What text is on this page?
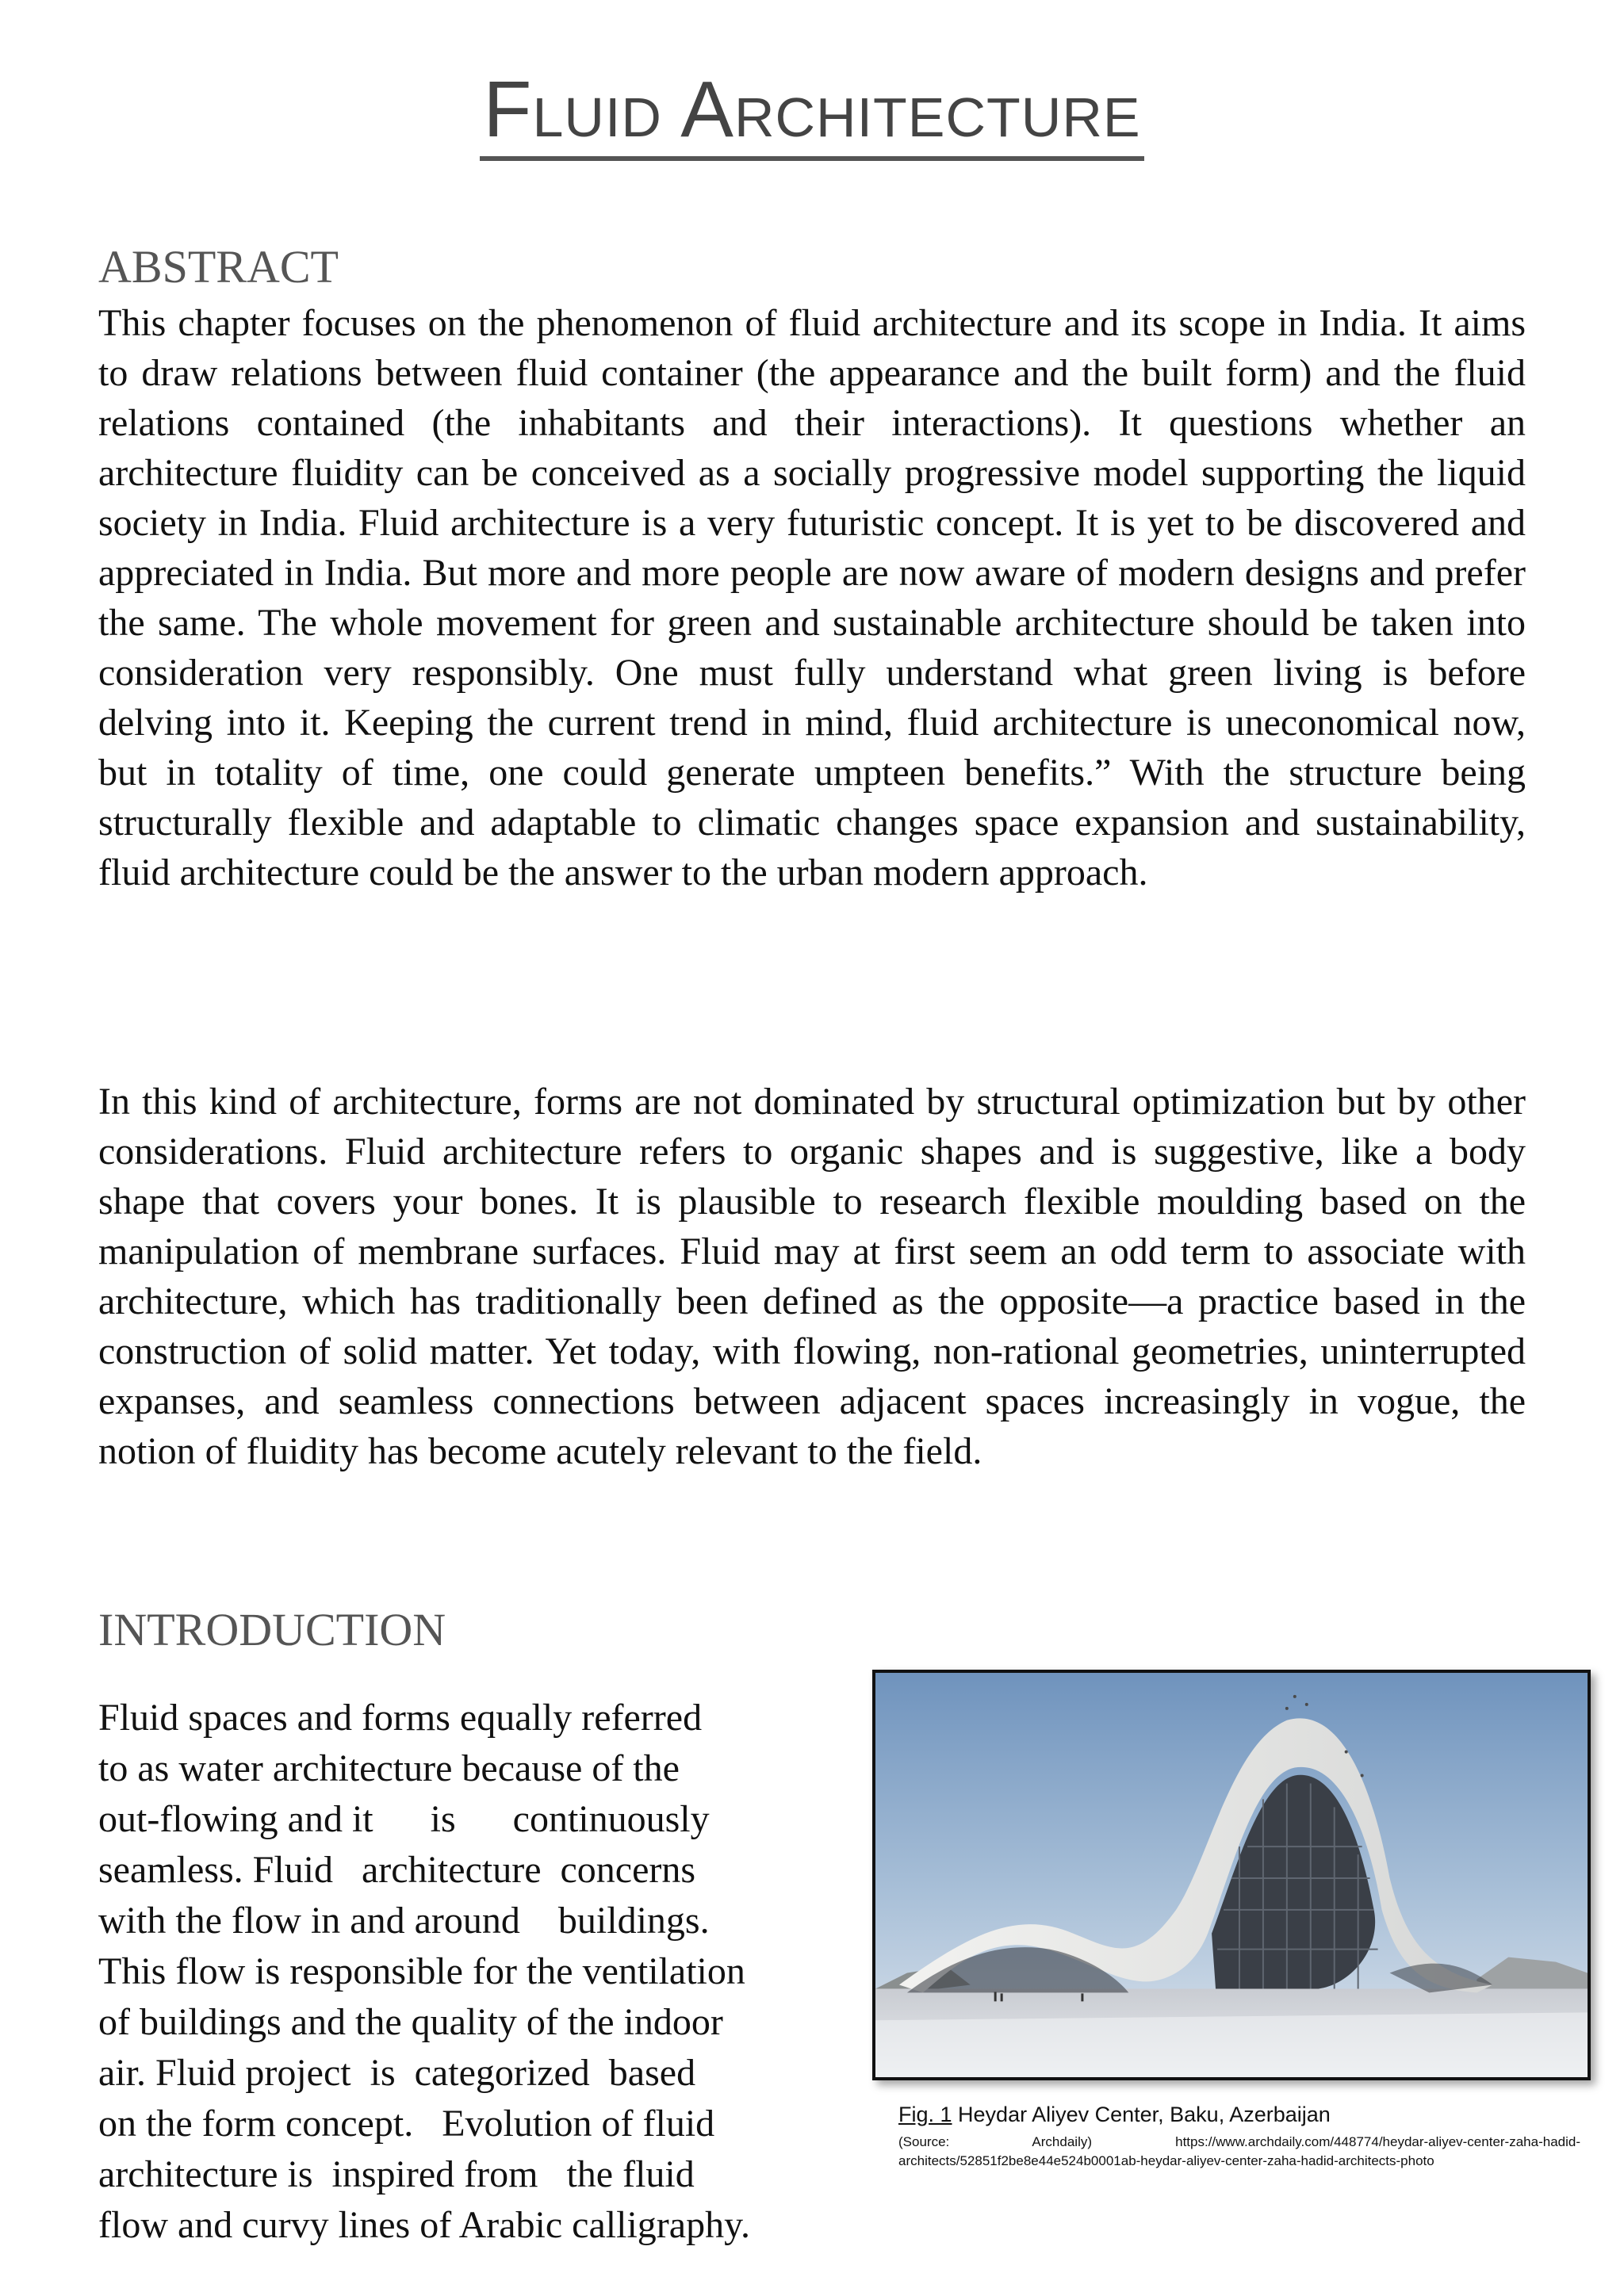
Fluid Architecture
ABSTRACT

This chapter focuses on the phenomenon of fluid architecture and its scope in India. It aims to draw relations between fluid container (the appearance and the built form) and the fluid relations contained (the inhabitants and their interactions). It questions whether an architecture fluidity can be conceived as a socially progressive model supporting the liquid society in India. Fluid architecture is a very futuristic concept. It is yet to be discovered and appreciated in India. But more and more people are now aware of modern designs and prefer the same. The whole movement for green and sustainable architecture should be taken into consideration very responsibly. One must fully understand what green living is before delving into it. Keeping the current trend in mind, fluid architecture is uneconomical now, but in totality of time, one could generate umpteen benefits.” With the structure being structurally flexible and adaptable to climatic changes space expansion and sustainability, fluid architecture could be the answer to the urban modern approach.

In this kind of architecture, forms are not dominated by structural optimization but by other considerations. Fluid architecture refers to organic shapes and is suggestive, like a body shape that covers your bones. It is plausible to research flexible moulding based on the manipulation of membrane surfaces. Fluid may at first seem an odd term to associate with architecture, which has traditionally been defined as the opposite—a practice based in the construction of solid matter. Yet today, with flowing, non-rational geometries, uninterrupted expanses, and seamless connections between adjacent spaces increasingly in vogue, the notion of fluidity has become acutely relevant to the field.

INTRODUCTION
Fluid spaces and forms equally referred
to as water architecture because of the
out-flowing and it      is      continuously
seamless. Fluid   architecture  concerns
with the flow in and around    buildings.
This flow is responsible for the ventilation
of buildings and the quality of the indoor
air. Fluid project  is  categorized  based
on the form concept.   Evolution of fluid
architecture is  inspired from   the fluid
flow and curvy lines of Arabic calligraphy.

Fig. 1 Heydar Aliyev Center, Baku, Azerbaijan

(Source: Archdaily) https://www.archdaily.com/448774/heydar-aliyev-center-zaha-hadid-architects/52851f2be8e44e524b0001ab-heydar-aliyev-center-zaha-hadid-architects-photo
